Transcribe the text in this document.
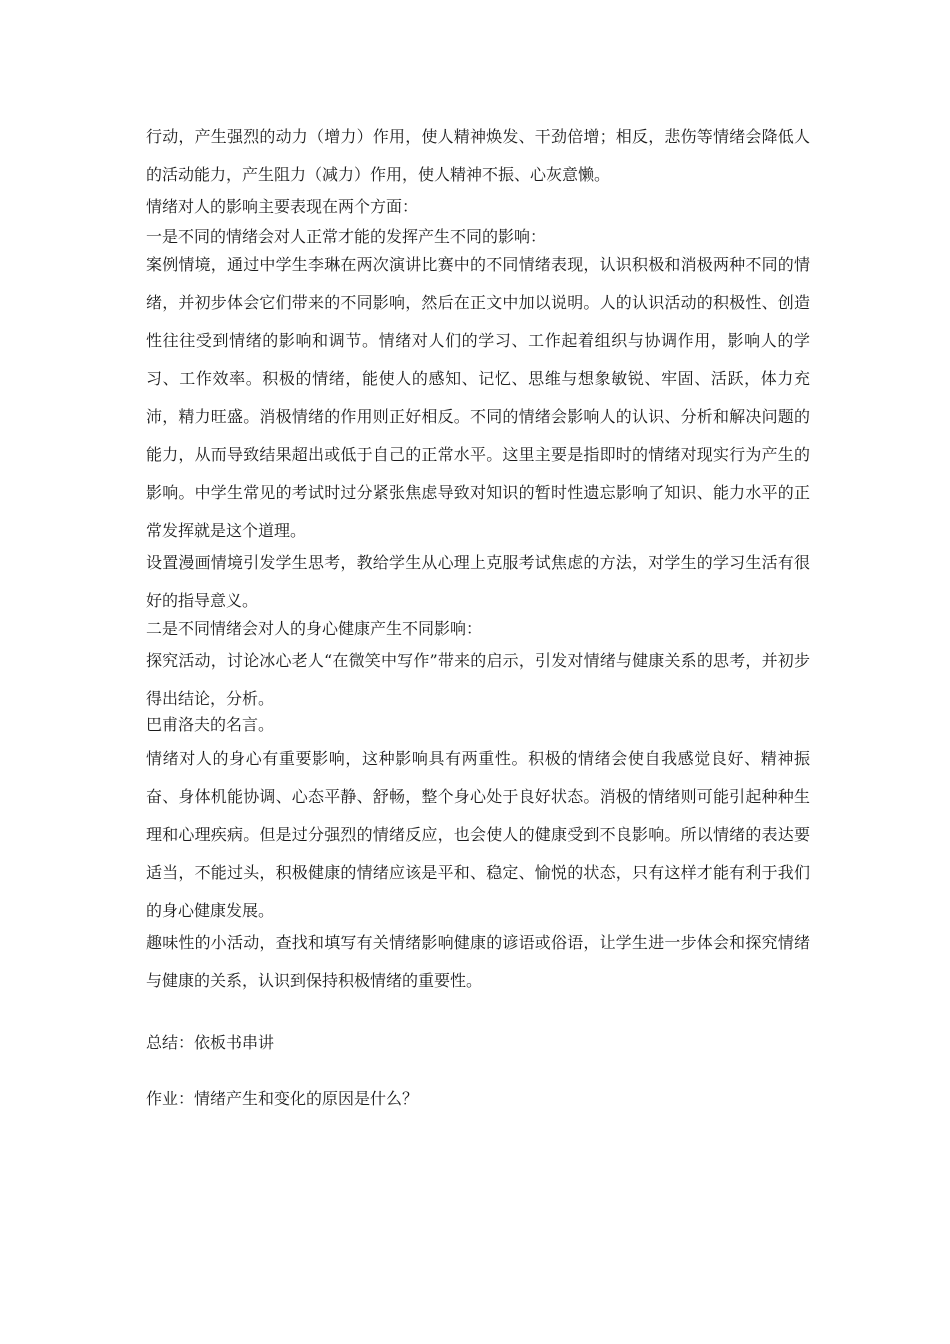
行动，产生强烈的动力（增力）作用，使人精神焕发、干劲倍增；相反，悲伤等情绪会降低人的活动能力，产生阻力（减力）作用，使人精神不振、心灰意懒。

情绪对人的影响主要表现在两个方面：

一是不同的情绪会对人正常才能的发挥产生不同的影响：

案例情境，通过中学生李琳在两次演讲比赛中的不同情绪表现，认识积极和消极两种不同的情绪，并初步体会它们带来的不同影响，然后在正文中加以说明。人的认识活动的积极性、创造性往往受到情绪的影响和调节。情绪对人们的学习、工作起着组织与协调作用，影响人的学习、工作效率。积极的情绪，能使人的感知、记忆、思维与想象敏锐、牢固、活跃，体力充沛，精力旺盛。消极情绪的作用则正好相反。不同的情绪会影响人的认识、分析和解决问题的能力，从而导致结果超出或低于自己的正常水平。这里主要是指即时的情绪对现实行为产生的影响。中学生常见的考试时过分紧张焦虑导致对知识的暂时性遗忘影响了知识、能力水平的正常发挥就是这个道理。

设置漫画情境引发学生思考，教给学生从心理上克服考试焦虑的方法，对学生的学习生活有很好的指导意义。

二是不同情绪会对人的身心健康产生不同影响：

探究活动，讨论冰心老人“在微笑中写作”带来的启示，引发对情绪与健康关系的思考，并初步得出结论，分析。

巴甫洛夫的名言。

情绪对人的身心有重要影响，这种影响具有两重性。积极的情绪会使自我感觉良好、精神振奋、身体机能协调、心态平静、舒畅，整个身心处于良好状态。消极的情绪则可能引起种种生理和心理疾病。但是过分强烈的情绪反应，也会使人的健康受到不良影响。所以情绪的表达要适当，不能过头，积极健康的情绪应该是平和、稳定、愉悦的状态，只有这样才能有利于我们的身心健康发展。

趣味性的小活动，查找和填写有关情绪影响健康的谚语或俗语，让学生进一步体会和探究情绪与健康的关系，认识到保持积极情绪的重要性。

总结：依板书串讲

作业：情绪产生和变化的原因是什么？
